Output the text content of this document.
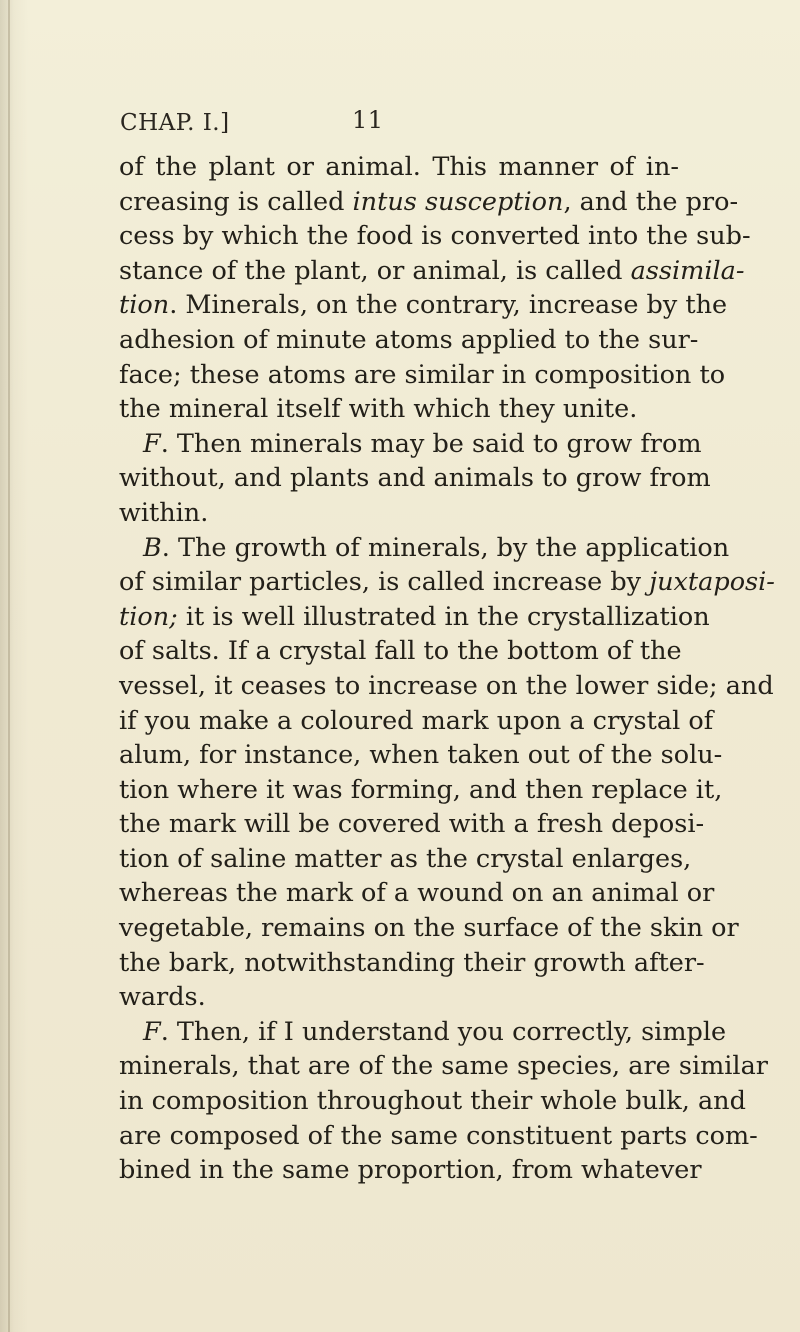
CHAP. I.]	11
of the plant or animal. This manner of in-
creasing is called intus susception, and the pro-
cess by which the food is converted into the sub-
stance of the plant, or animal, is called assimila-
tion. Minerals, on the contrary, increase by the
adhesion of minute atoms applied to the sur-
face; these atoms are similar in composition to
the mineral itself with which they unite.
F. Then minerals may be said to grow from
without, and plants and animals to grow from
within.
B. The growth of minerals, by the application
of similar particles, is called increase by juxtaposi-
tion; it is well illustrated in the crystallization
of salts. If a crystal fall to the bottom of the
vessel, it ceases to increase on the lower side; and
if you make a coloured mark upon a crystal of
alum, for instance, when taken out of the solu-
tion where it was forming, and then replace it,
the mark will be covered with a fresh deposi-
tion of saline matter as the crystal enlarges,
whereas the mark of a wound on an animal or
vegetable, remains on the surface of the skin or
the bark, notwithstanding their growth after-
wards.
F. Then, if I understand you correctly, simple
minerals, that are of the same species, are similar
in composition throughout their whole bulk, and
are composed of the same constituent parts com-
bined in the same proportion, from whatever
